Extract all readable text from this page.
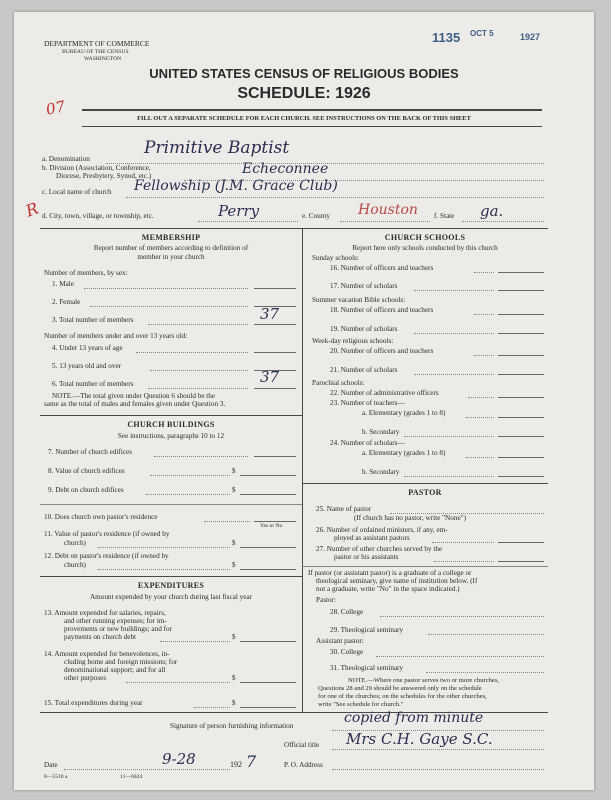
DEPARTMENT OF COMMERCE
BUREAU OF THE CENSUS
WASHINGTON
1135 OCT 5	1927
07
UNITED STATES CENSUS OF RELIGIOUS BODIES
SCHEDULE: 1926
FILL OUT A SEPARATE SCHEDULE FOR EACH CHURCH. SEE INSTRUCTIONS ON THE BACK OF THIS SHEET
a. Denomination
Primitive Baptist
b. Division (Association, Conference,
Diocese, Presbytery, Synod, etc.)	Echeconnee
c. Local name of church Fellowship (J.M. Grace Club)
R d. City, town, village, or township, etc.	Perry	e. County Houston f. State ga.
MEMBERSHIP
Report number of members according to definition of
member in your church
Number of members, by sex:
1. Male
2. Female
3. Total number of members	37
Number of members under and over 13 years old:
4. Under 13 years of age
5. 13 years old and over
6. Total number of members	37
NOTE.—The total given under Question 6 should be the
same as the total of males and females given under Question 3.
CHURCH BUILDINGS
See instructions, paragraphs 10 to 12
7. Number of church edifices
8. Value of church edifices	$
9. Debt on church edifices	$
10. Does church own pastor's residence
Yes or No
11. Value of pastor's residence (if owned by
church)	$
12. Debt on pastor's residence (if owned by
church)	$
EXPENDITURES
Amount expended by your church during last fiscal year
13. Amount expended for salaries, repairs,
and other running expenses; for im-
provements or new buildings; and for
payments on church debt	$
14. Amount expended for benevolences, in-
cluding home and foreign missions; for
denominational support; and for all
other purposes	$
15. Total expenditures during year	$
CHURCH SCHOOLS
Report here only schools conducted by this church
Sunday schools:
16. Number of officers and teachers
17. Number of scholars
Summer vacation Bible schools:
18. Number of officers and teachers
19. Number of scholars
Week-day religious schools:
20. Number of officers and teachers
21. Number of scholars
Parochial schools:
22. Number of administrative officers
23. Number of teachers—
a. Elementary (grades 1 to 8)
b. Secondary
24. Number of scholars—
a. Elementary (grades 1 to 8)
b. Secondary
PASTOR
25. Name of pastor
(If church has no pastor, write "None")
26. Number of ordained ministers, if any, em-
ployed as assistant pastors
27. Number of other churches served by the
pastor or his assistants
If pastor (or assistant pastor) is a graduate of a college or
theological seminary, give name of institution below. (If
not a graduate, write "No" in the space indicated.)
Pastor:
28. College
29. Theological seminary
Assistant pastor:
30. College
31. Theological seminary
NOTE.—Where one pastor serves two or more churches,
Questions 28 and 29 should be answered only on the schedule
for one of the churches; on the schedules for the other churches,
write "See schedule for church."
Signature of person furnishing information	copied from minute
Official title Mrs C.H. Gaye S.C.
Date	9-28	192 7	P. O. Address
8—5518 a	11—6024
